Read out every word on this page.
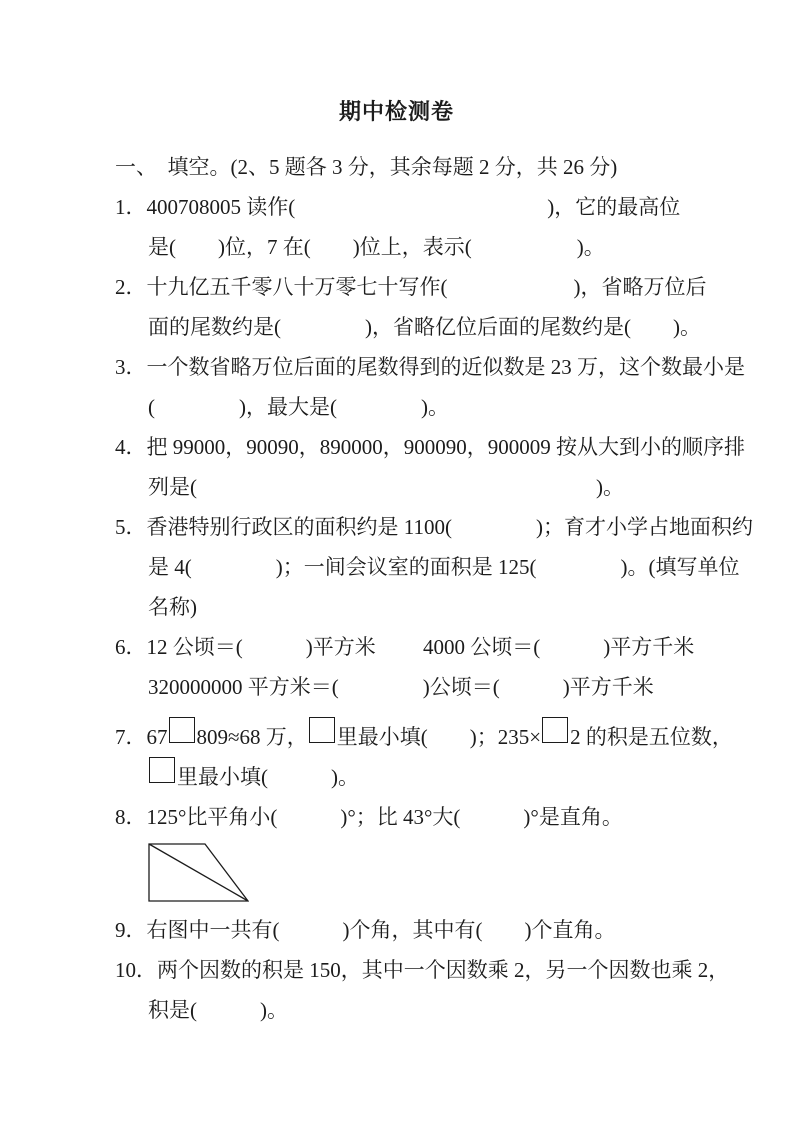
期中检测卷
一、　填空。(2、5 题各 3 分，其余每题 2 分，共 26 分)
1．400708005 读作(　　　　　　　　　　　　)，它的最高位
是(　　)位，7 在(　　)位上，表示(　　　　　)。
2．十九亿五千零八十万零七十写作(　　　　　　)，省略万位后
面的尾数约是(　　　　)，省略亿位后面的尾数约是(　　)。
3．一个数省略万位后面的尾数得到的近似数是 23 万，这个数最小是
(　　　　)，最大是(　　　　)。
4．把 99000，90090，890000，900090，900009 按从大到小的顺序排
列是(　　　　　　　　　　　　　　　　　　　)。
5．香港特别行政区的面积约是 1100(　　　　)；育才小学占地面积约
是 4(　　　　)；一间会议室的面积是 125(　　　　)。(填写单位
名称)
6．12 公顷＝(　　　)平方米　　 4000 公顷＝(　　　)平方千米
320000000 平方米＝(　　　　)公顷＝(　　　)平方千米
7．67 809≈68 万， 里最小填(　　)；235× 2 的积是五位数，
里最小填(　　　)。
8．125°比平角小(　　　)°；比 43°大(　　　)°是直角。
9．右图中一共有(　　　)个角，其中有(　　)个直角。
10．两个因数的积是 150，其中一个因数乘 2，另一个因数也乘 2，
积是(　　　)。
